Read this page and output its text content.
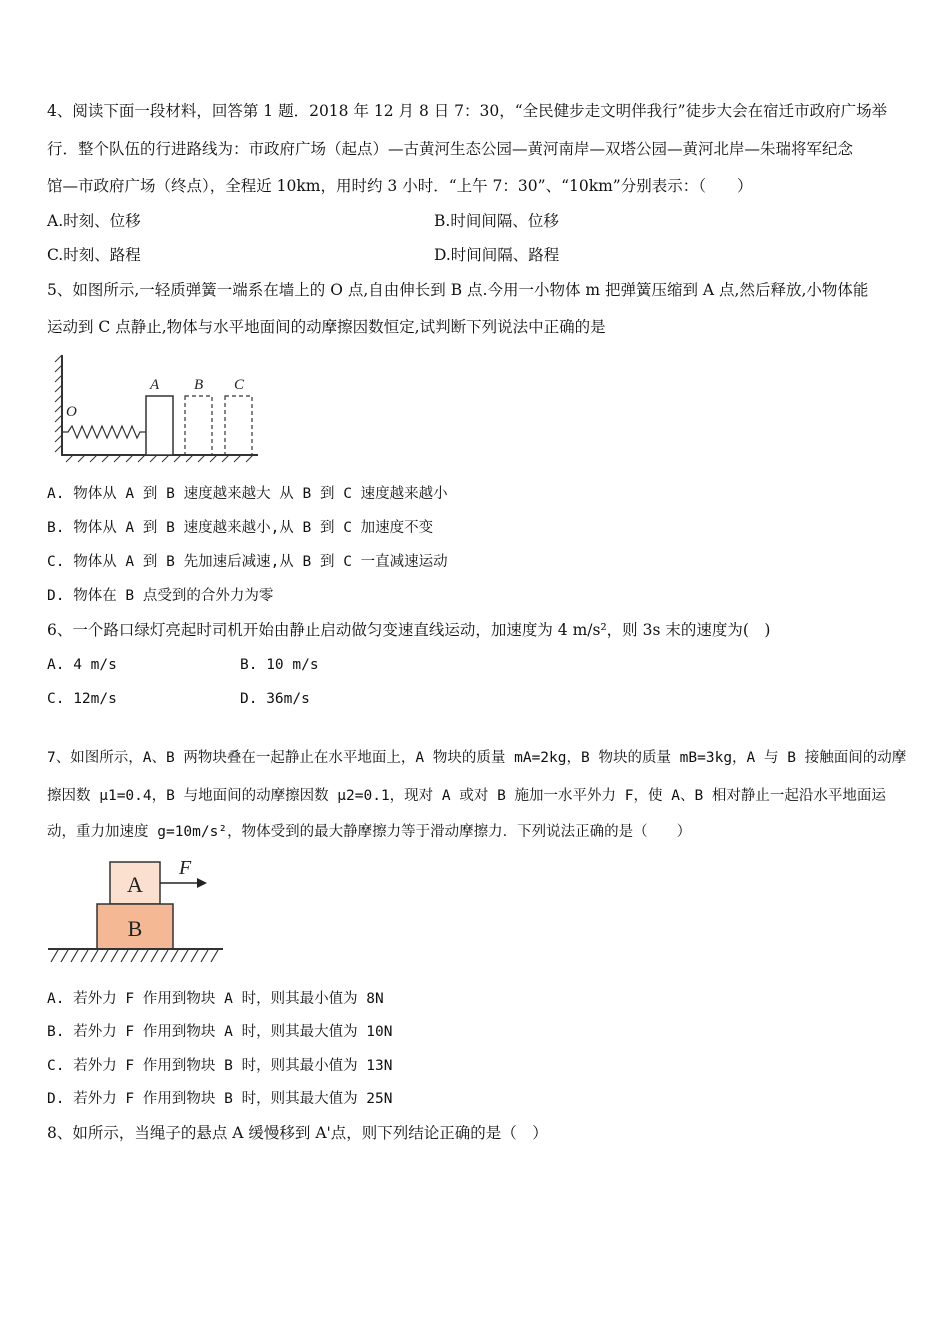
4、阅读下面一段材料，回答第 1 题．2018 年 12 月 8 日 7：30，“全民健步走文明伴我行”徒步大会在宿迁市政府广场举
行．整个队伍的行进路线为：市政府广场（起点）—古黄河生态公园—黄河南岸—双塔公园—黄河北岸—朱瑞将军纪念
馆—市政府广场（终点），全程近 10km，用时约 3 小时．“上午 7：30”、“10km”分别表示：（　　）
A.时刻、位移	B.时间间隔、位移
C.时刻、路程	D.时间间隔、路程
5、如图所示,一轻质弹簧一端系在墙上的 O 点,自由伸长到 B 点.今用一小物体 m 把弹簧压缩到 A 点,然后释放,小物体能
运动到 C 点静止,物体与水平地面间的动摩擦因数恒定,试判断下列说法中正确的是
O
A B C
A. 物体从 A 到 B 速度越来越大 从 B 到 C 速度越来越小
B. 物体从 A 到 B 速度越来越小,从 B 到 C 加速度不变
C. 物体从 A 到 B 先加速后减速,从 B 到 C 一直减速运动
D. 物体在 B 点受到的合外力为零
6、一个路口绿灯亮起时司机开始由静止启动做匀变速直线运动，加速度为 4 m/s²，则 3s 末的速度为(　)
A. 4 m/s	B. 10 m/s
C. 12m/s	D. 36m/s
7、如图所示，A、B 两物块叠在一起静止在水平地面上，A 物块的质量 mA=2kg，B 物块的质量 mB=3kg，A 与 B 接触面间的动摩
擦因数 μ1=0.4，B 与地面间的动摩擦因数 μ2=0.1，现对 A 或对 B 施加一水平外力 F，使 A、B 相对静止一起沿水平地面运
动，重力加速度 g=10m/s²，物体受到的最大静摩擦力等于滑动摩擦力．下列说法正确的是（　　）
A
B
F
A. 若外力 F 作用到物块 A 时，则其最小值为 8N
B. 若外力 F 作用到物块 A 时，则其最大值为 10N
C. 若外力 F 作用到物块 B 时，则其最小值为 13N
D. 若外力 F 作用到物块 B 时，则其最大值为 25N
8、如所示，当绳子的悬点 A 缓慢移到 A'点，则下列结论正确的是（　）
